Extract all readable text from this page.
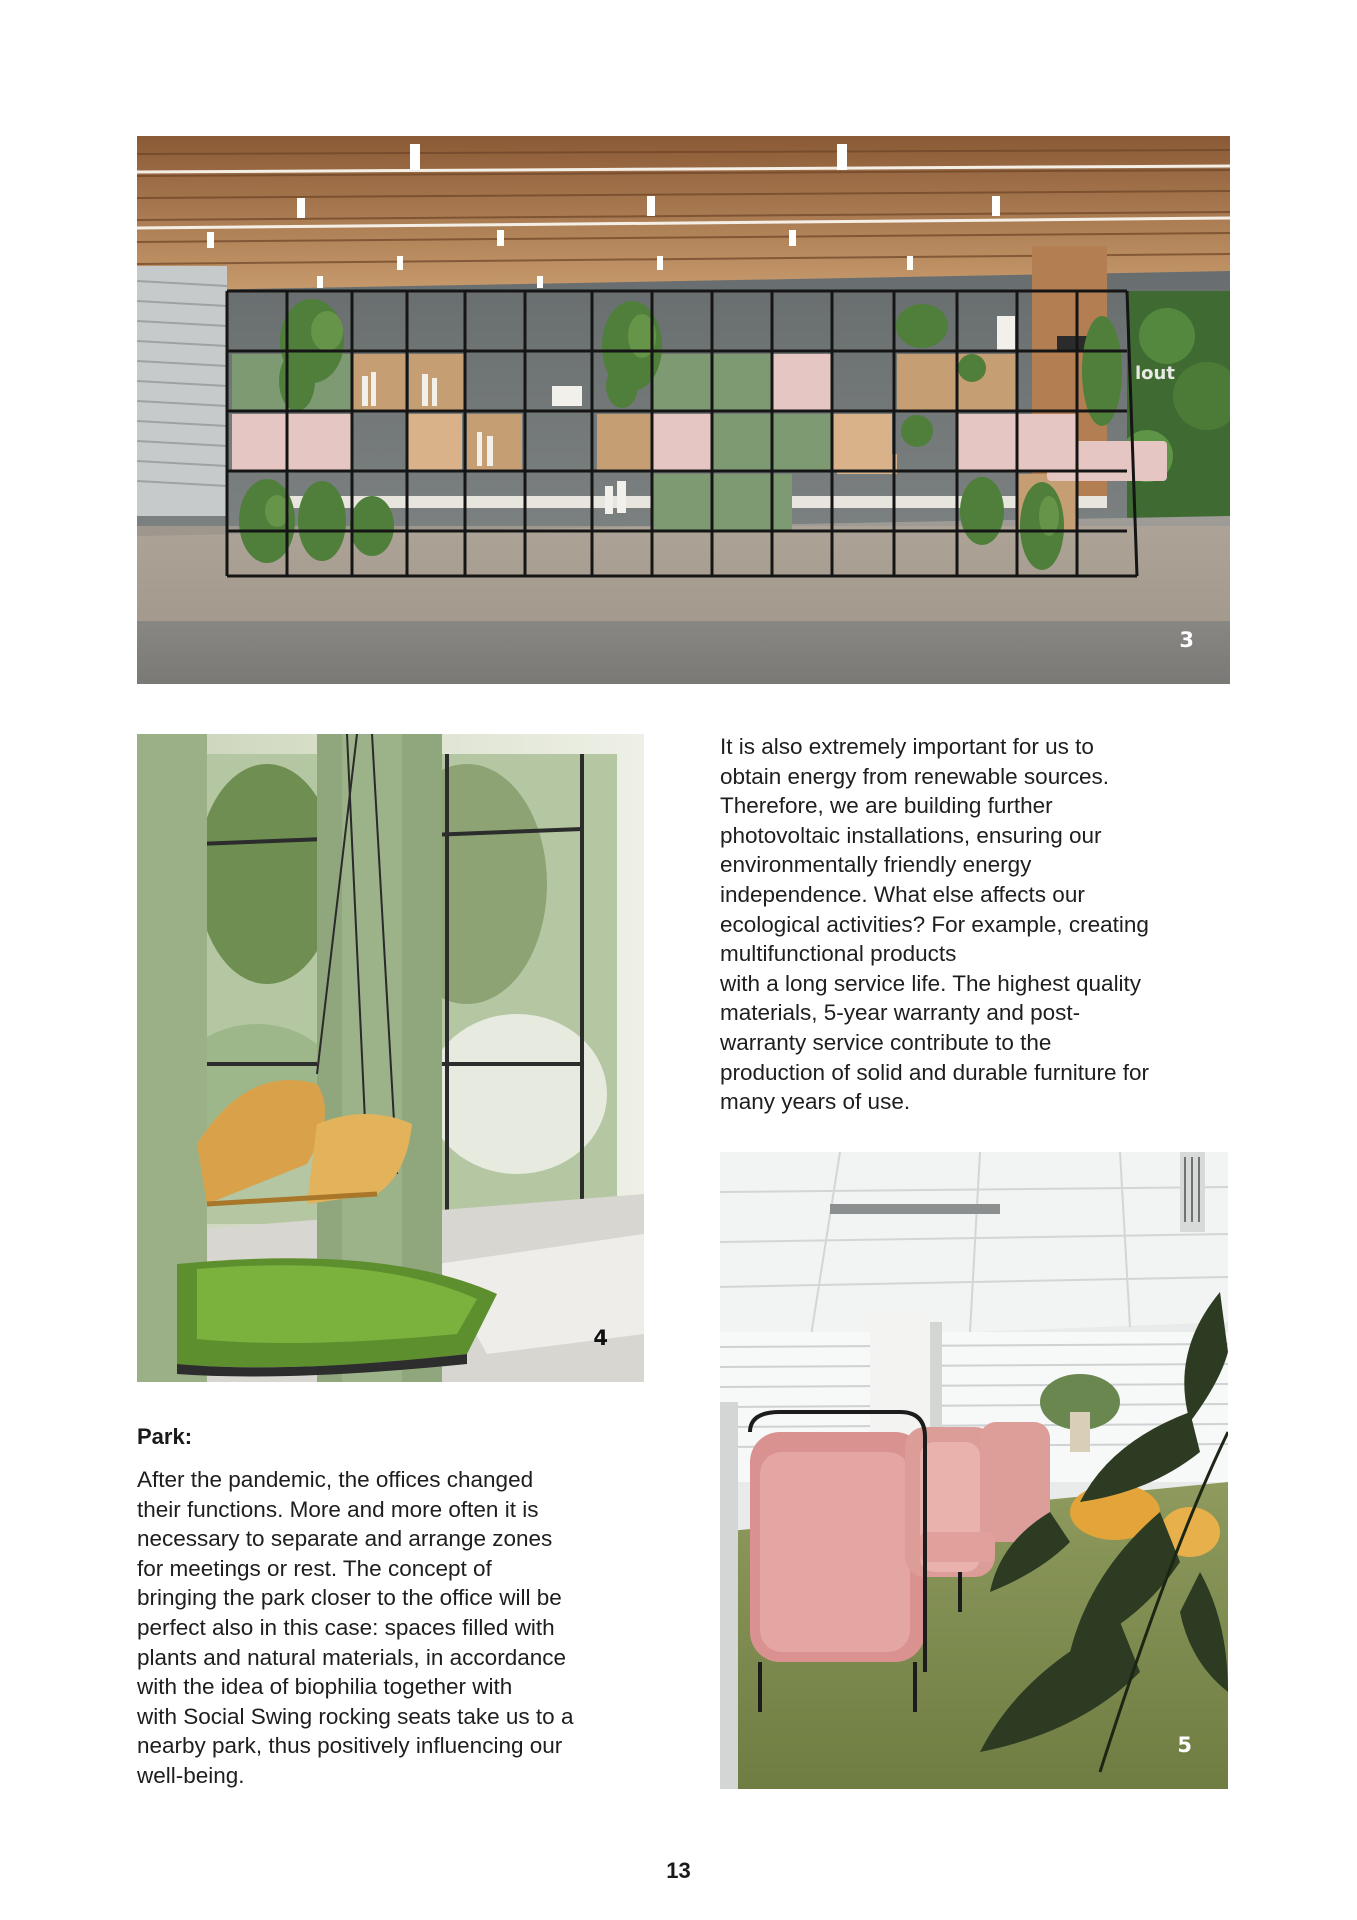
lout
3

It is also extremely important for us to

obtain energy from renewable sources.

Therefore, we are building further

photovoltaic installations, ensuring our

environmentally friendly energy

independence. What else affects our

ecological activities? For example, creating

multifunctional products

with a long service life. The highest quality

materials, 5-year warranty and post-

warranty service contribute to the

production of solid and durable furniture for

many years of use.

4
Park:

After the pandemic, the offices changed

their functions. More and more often it is

necessary to separate and arrange zones

for meetings or rest. The concept of

bringing the park closer to the office will be

perfect also in this case: spaces filled with

plants and natural materials, in accordance

with the idea of biophilia together with

with Social Swing rocking seats take us to a

nearby park, thus positively influencing our

well-being.

5
13
